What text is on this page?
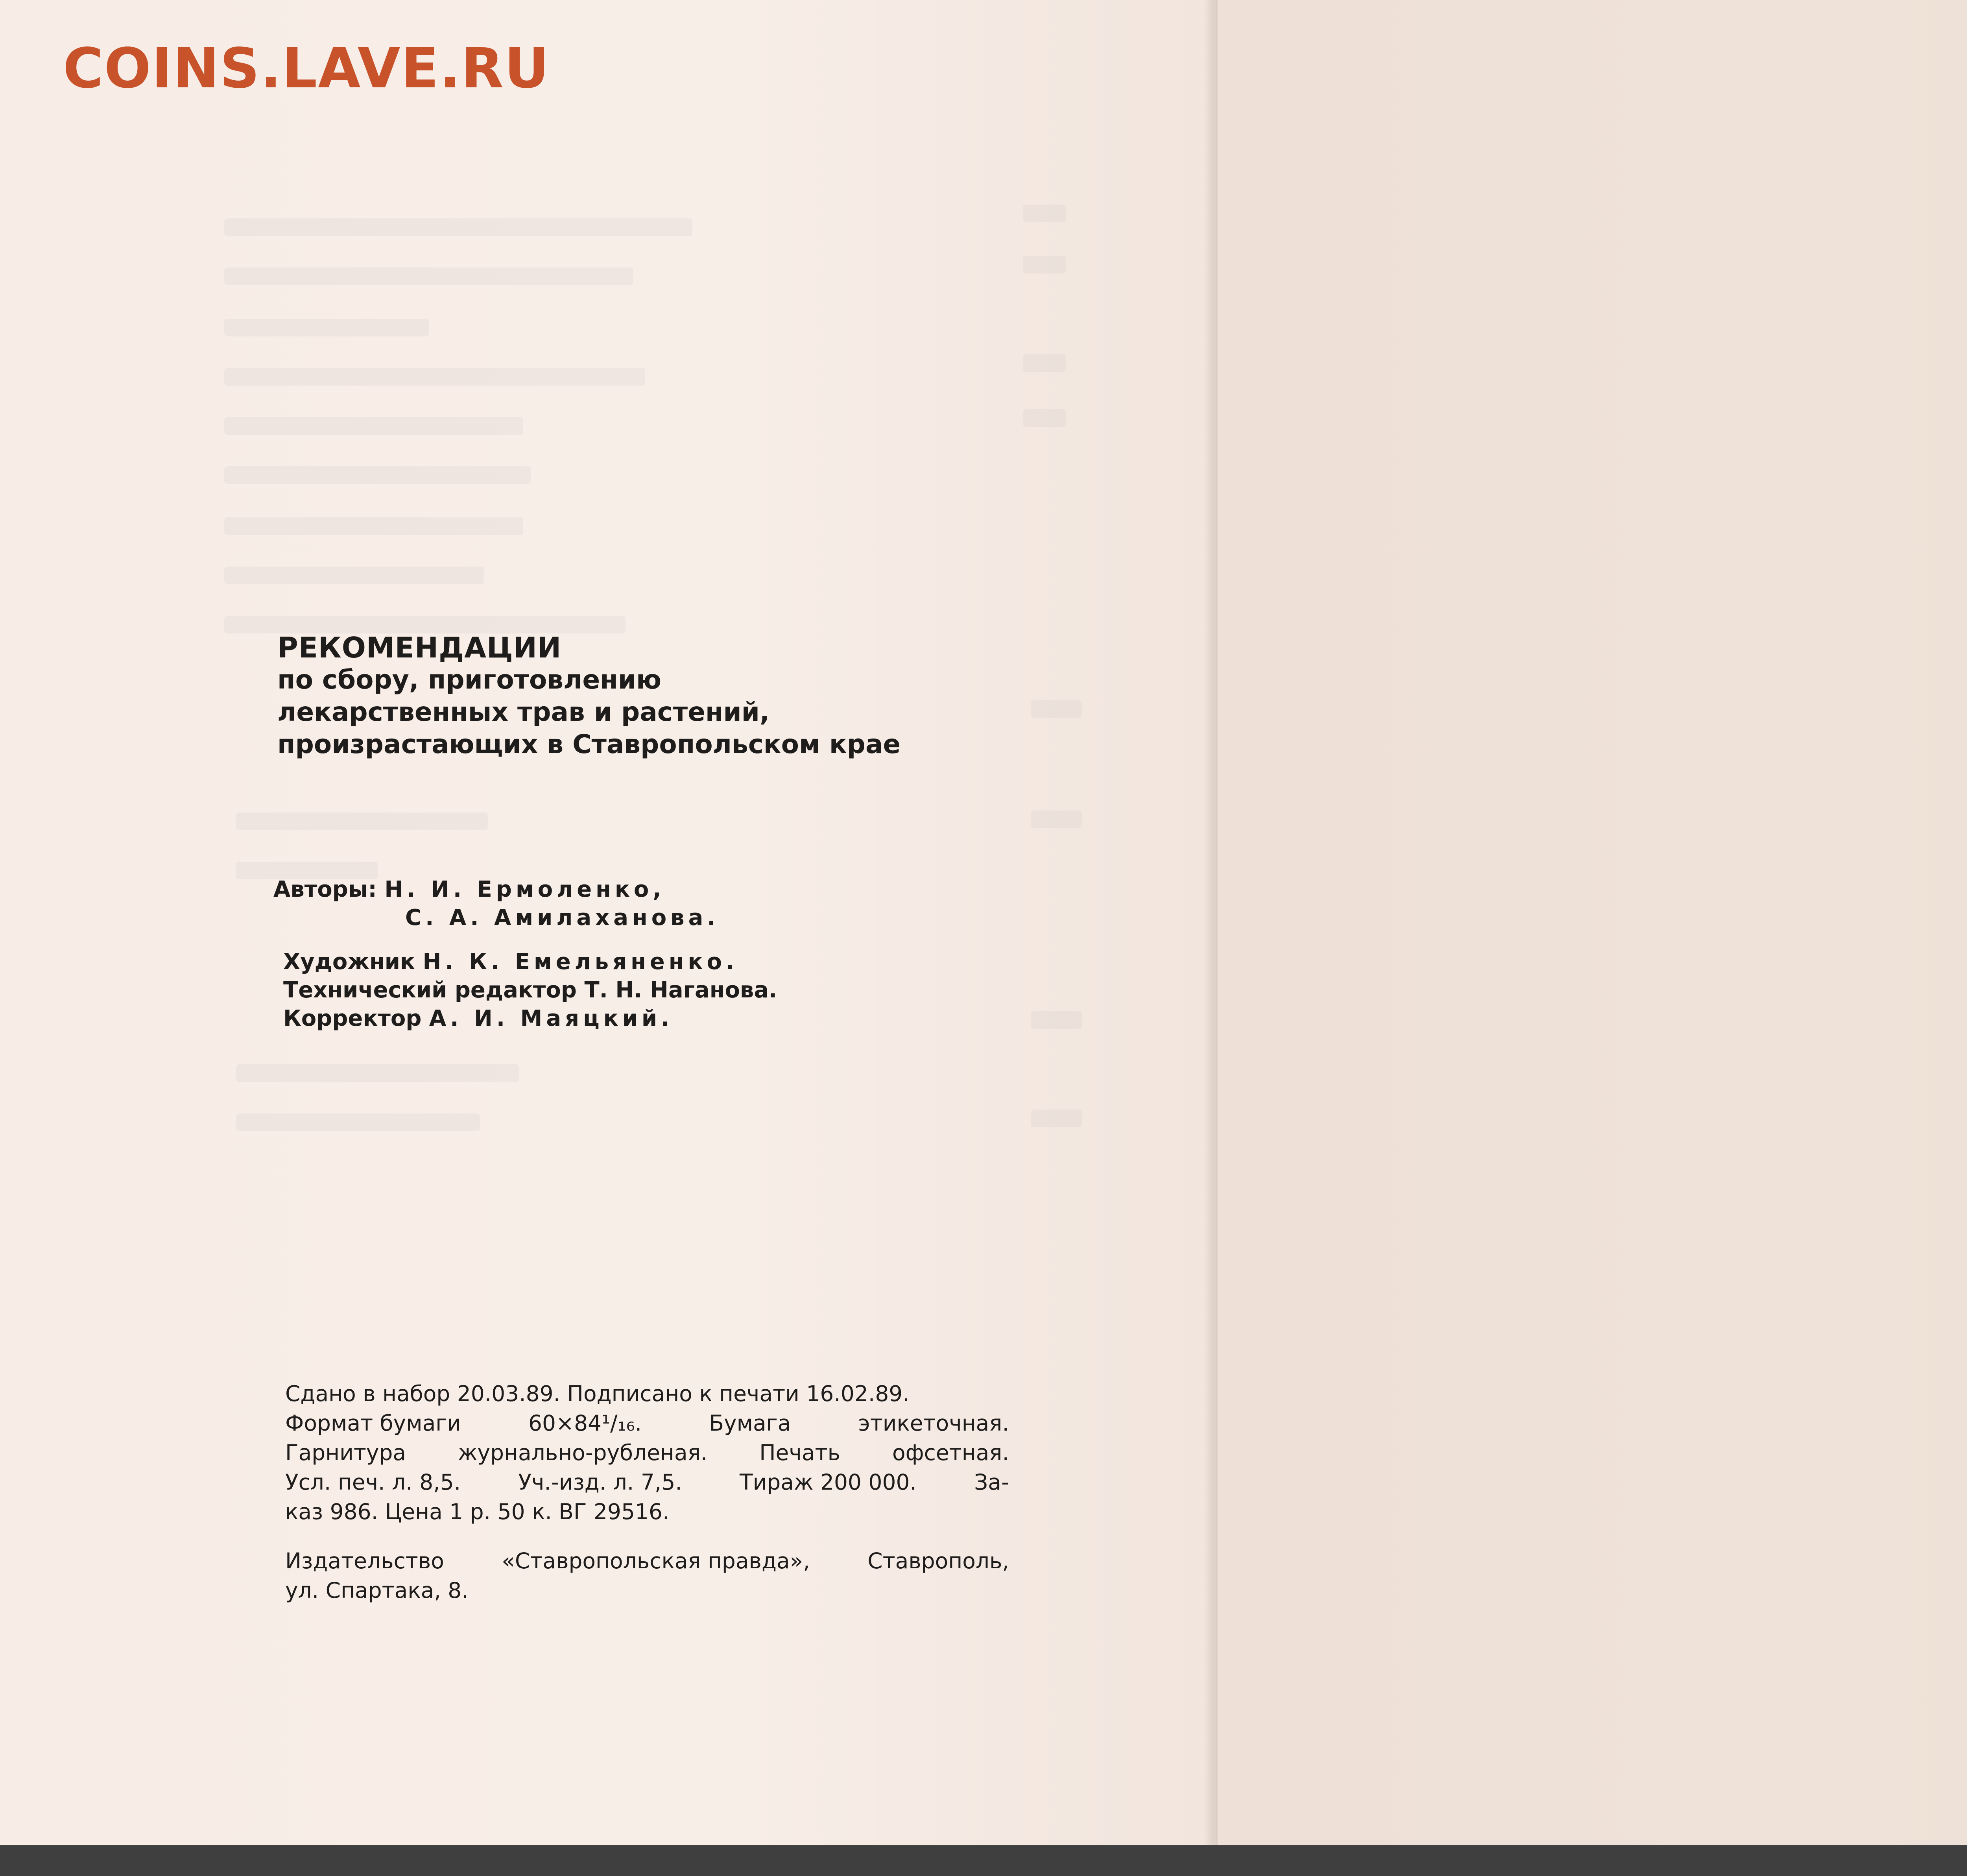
COINS.LAVE.RU
РЕКОМЕНДАЦИИ
по сбору, приготовлению
лекарственных трав и растений,
произрастающих в Ставропольском крае
Авторы: Н. И. Ермоленко,
С. А. Амилаханова.
Художник Н. К. Емельяненко.
Технический редактор Т. Н. Наганова.
Корректор А. И. Маяцкий.
Сдано в набор 20.03.89. Подписано к печати 16.02.89.
Формат бумаги	60×84¹/₁₆.	Бумага	этикеточная.
Гарнитура журнально-рубленая. Печать офсетная.
Усл. печ. л. 8,5.	Уч.-изд. л. 7,5.	Тираж 200 000.	За-
каз 986. Цена 1 р. 50 к. ВГ 29516.
Издательство	«Ставропольская правда»,	Ставрополь,
ул. Спартака, 8.
